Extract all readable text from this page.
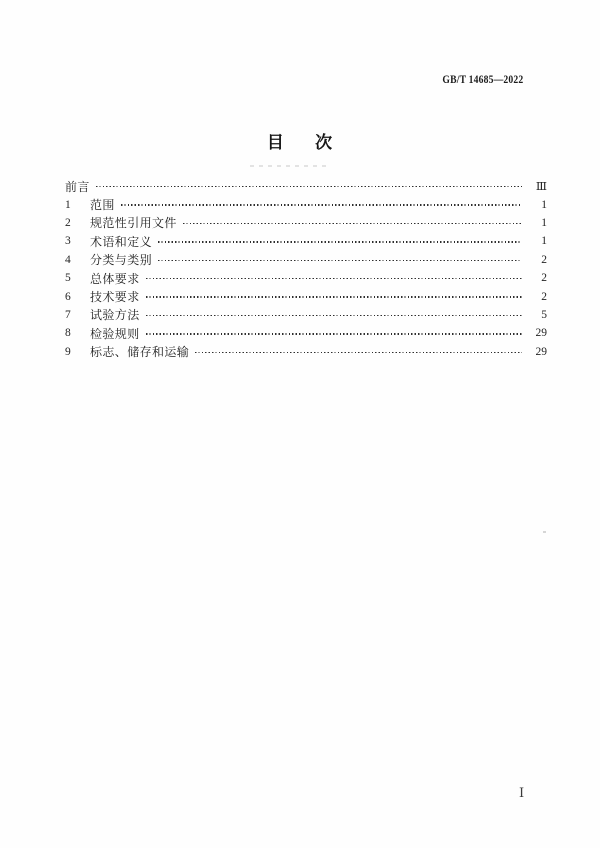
GB/T 14685—2022
目 次
前言	Ⅲ
1	范围	1
2	规范性引用文件	1
3	术语和定义	1
4	分类与类别	2
5	总体要求	2
6	技术要求	2
7	试验方法	5
8	检验规则	29
9	标志、储存和运输	29
Ⅰ
